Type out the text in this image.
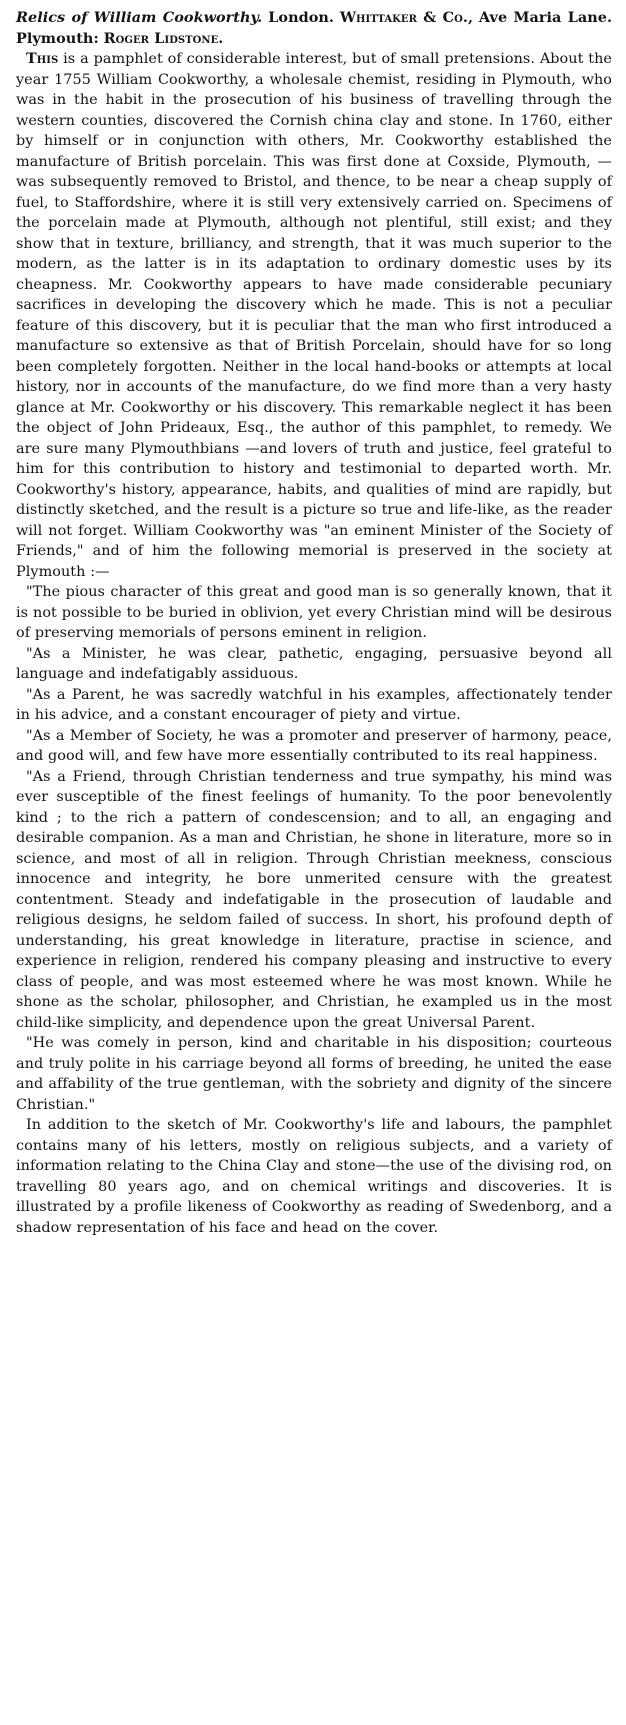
Relics of William Cookworthy. London. Whittaker & Co., Ave Maria Lane. Plymouth: Roger Lidstone.

This is a pamphlet of considerable interest, but of small pretensions. About the year 1755 William Cookworthy, a wholesale chemist, residing in Plymouth, who was in the habit in the prosecution of his business of travelling through the western counties, discovered the Cornish china clay and stone. In 1760, either by himself or in conjunction with others, Mr. Cookworthy established the manufacture of British porcelain. This was first done at Coxside, Plymouth, —was subsequently removed to Bristol, and thence, to be near a cheap supply of fuel, to Staffordshire, where it is still very extensively carried on. Specimens of the porcelain made at Plymouth, although not plentiful, still exist; and they show that in texture, brilliancy, and strength, that it was much superior to the modern, as the latter is in its adaptation to ordinary domestic uses by its cheapness. Mr. Cookworthy appears to have made considerable pecuniary sacrifices in developing the discovery which he made. This is not a peculiar feature of this discovery, but it is peculiar that the man who first introduced a manufacture so extensive as that of British Porcelain, should have for so long been completely forgotten. Neither in the local hand-books or attempts at local history, nor in accounts of the manufacture, do we find more than a very hasty glance at Mr. Cookworthy or his discovery. This remarkable neglect it has been the object of John Prideaux, Esq., the author of this pamphlet, to remedy. We are sure many Plymouthbians —and lovers of truth and justice, feel grateful to him for this contribution to history and testimonial to departed worth. Mr. Cookworthy's history, appearance, habits, and qualities of mind are rapidly, but distinctly sketched, and the result is a picture so true and life-like, as the reader will not forget. William Cookworthy was "an eminent Minister of the Society of Friends," and of him the following memorial is preserved in the society at Plymouth :—

"The pious character of this great and good man is so generally known, that it is not possible to be buried in oblivion, yet every Christian mind will be desirous of preserving memorials of persons eminent in religion.

"As a Minister, he was clear, pathetic, engaging, persuasive beyond all language and indefatigably assiduous.

"As a Parent, he was sacredly watchful in his examples, affectionately tender in his advice, and a constant encourager of piety and virtue.

"As a Member of Society, he was a promoter and preserver of harmony, peace, and good will, and few have more essentially contributed to its real happiness.

"As a Friend, through Christian tenderness and true sympathy, his mind was ever susceptible of the finest feelings of humanity. To the poor benevolently kind ; to the rich a pattern of condescension; and to all, an engaging and desirable companion. As a man and Christian, he shone in literature, more so in science, and most of all in religion. Through Christian meekness, conscious innocence and integrity, he bore unmerited censure with the greatest contentment. Steady and indefatigable in the prosecution of laudable and religious designs, he seldom failed of success. In short, his profound depth of understanding, his great knowledge in literature, practise in science, and experience in religion, rendered his company pleasing and instructive to every class of people, and was most esteemed where he was most known. While he shone as the scholar, philosopher, and Christian, he exampled us in the most child-like simplicity, and dependence upon the great Universal Parent.

"He was comely in person, kind and charitable in his disposition; courteous and truly polite in his carriage beyond all forms of breeding, he united the ease and affability of the true gentleman, with the sobriety and dignity of the sincere Christian."

In addition to the sketch of Mr. Cookworthy's life and labours, the pamphlet contains many of his letters, mostly on religious subjects, and a variety of information relating to the China Clay and stone—the use of the divising rod, on travelling 80 years ago, and on chemical writings and discoveries. It is illustrated by a profile likeness of Cookworthy as reading of Swedenborg, and a shadow representation of his face and head on the cover.
